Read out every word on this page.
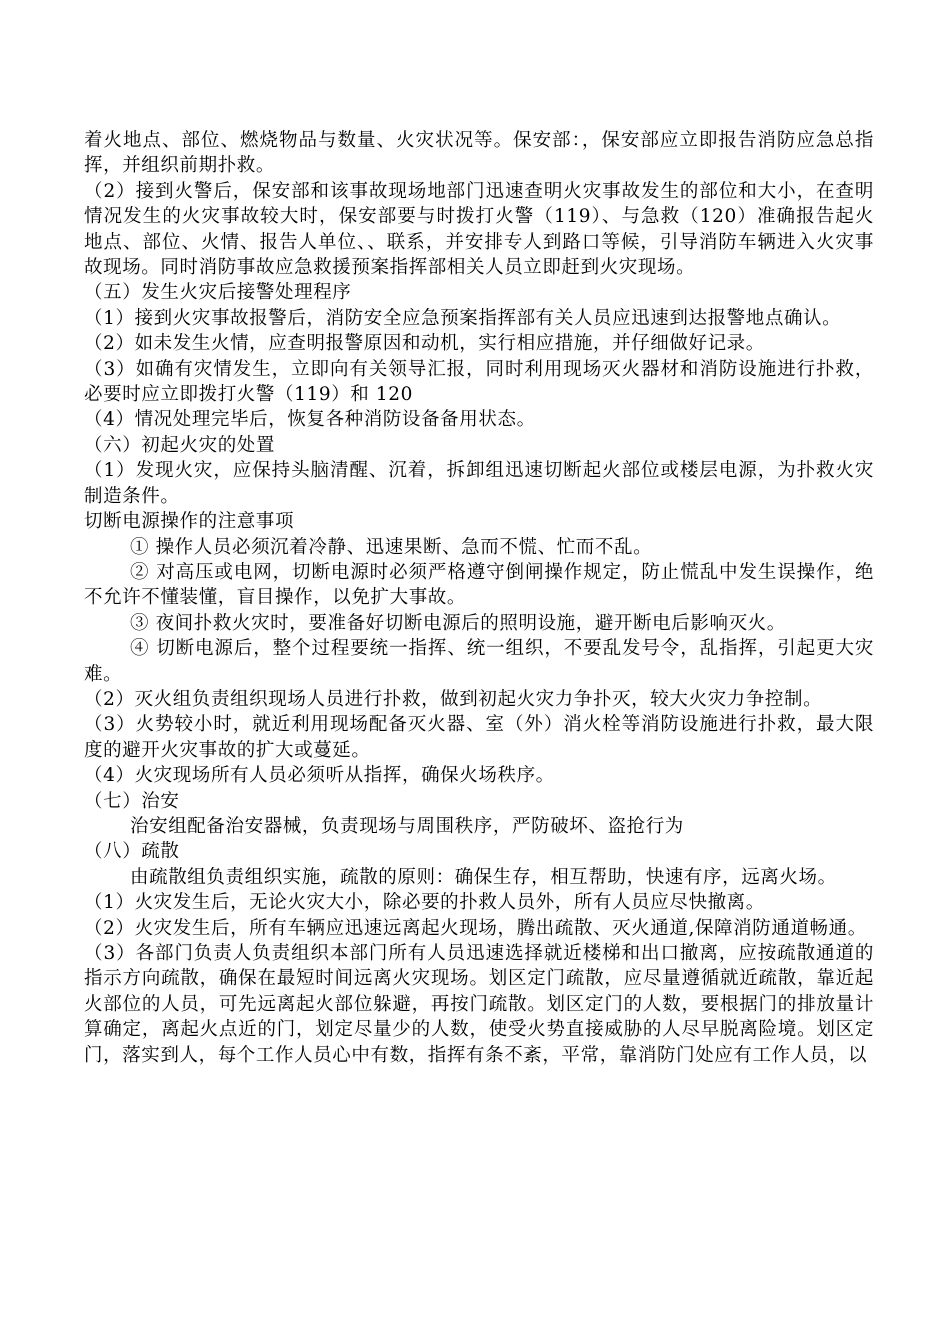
着火地点、部位、燃烧物品与数量、火灾状况等。保安部：，保安部应立即报告消防应急总指挥，并组织前期扑救。

（2）接到火警后，保安部和该事故现场地部门迅速查明火灾事故发生的部位和大小，在查明情况发生的火灾事故较大时，保安部要与时拨打火警（119）、与急救（120）准确报告起火地点、部位、火情、报告人单位、、联系，并安排专人到路口等候，引导消防车辆进入火灾事故现场。同时消防事故应急救援预案指挥部相关人员立即赶到火灾现场。

（五）发生火灾后接警处理程序

（1）接到火灾事故报警后，消防安全应急预案指挥部有关人员应迅速到达报警地点确认。

（2）如未发生火情，应查明报警原因和动机，实行相应措施，并仔细做好记录。

（3）如确有灾情发生，立即向有关领导汇报，同时利用现场灭火器材和消防设施进行扑救，必要时应立即拨打火警（119）和 120

（4）情况处理完毕后，恢复各种消防设备备用状态。

（六）初起火灾的处置

（1）发现火灾，应保持头脑清醒、沉着，拆卸组迅速切断起火部位或楼层电源，为扑救火灾制造条件。

切断电源操作的注意事项

① 操作人员必须沉着冷静、迅速果断、急而不慌、忙而不乱。

② 对高压或电网，切断电源时必须严格遵守倒闸操作规定，防止慌乱中发生误操作，绝不允许不懂装懂，盲目操作，以免扩大事故。

③ 夜间扑救火灾时，要准备好切断电源后的照明设施，避开断电后影响灭火。

④ 切断电源后，整个过程要统一指挥、统一组织，不要乱发号令，乱指挥，引起更大灾难。

（2）灭火组负责组织现场人员进行扑救，做到初起火灾力争扑灭，较大火灾力争控制。

（3）火势较小时，就近利用现场配备灭火器、室（外）消火栓等消防设施进行扑救，最大限度的避开火灾事故的扩大或蔓延。

（4）火灾现场所有人员必须听从指挥，确保火场秩序。

（七）治安

治安组配备治安器械，负责现场与周围秩序，严防破坏、盗抢行为

（八）疏散

由疏散组负责组织实施，疏散的原则：确保生存，相互帮助，快速有序，远离火场。

（1）火灾发生后，无论火灾大小，除必要的扑救人员外，所有人员应尽快撤离。

（2）火灾发生后，所有车辆应迅速远离起火现场，腾出疏散、灭火通道,保障消防通道畅通。

（3）各部门负责人负责组织本部门所有人员迅速选择就近楼梯和出口撤离，应按疏散通道的指示方向疏散，确保在最短时间远离火灾现场。划区定门疏散，应尽量遵循就近疏散，靠近起火部位的人员，可先远离起火部位躲避，再按门疏散。划区定门的人数，要根据门的排放量计算确定，离起火点近的门，划定尽量少的人数，使受火势直接威胁的人尽早脱离险境。划区定门，落实到人，每个工作人员心中有数，指挥有条不紊，平常，靠消防门处应有工作人员，以
